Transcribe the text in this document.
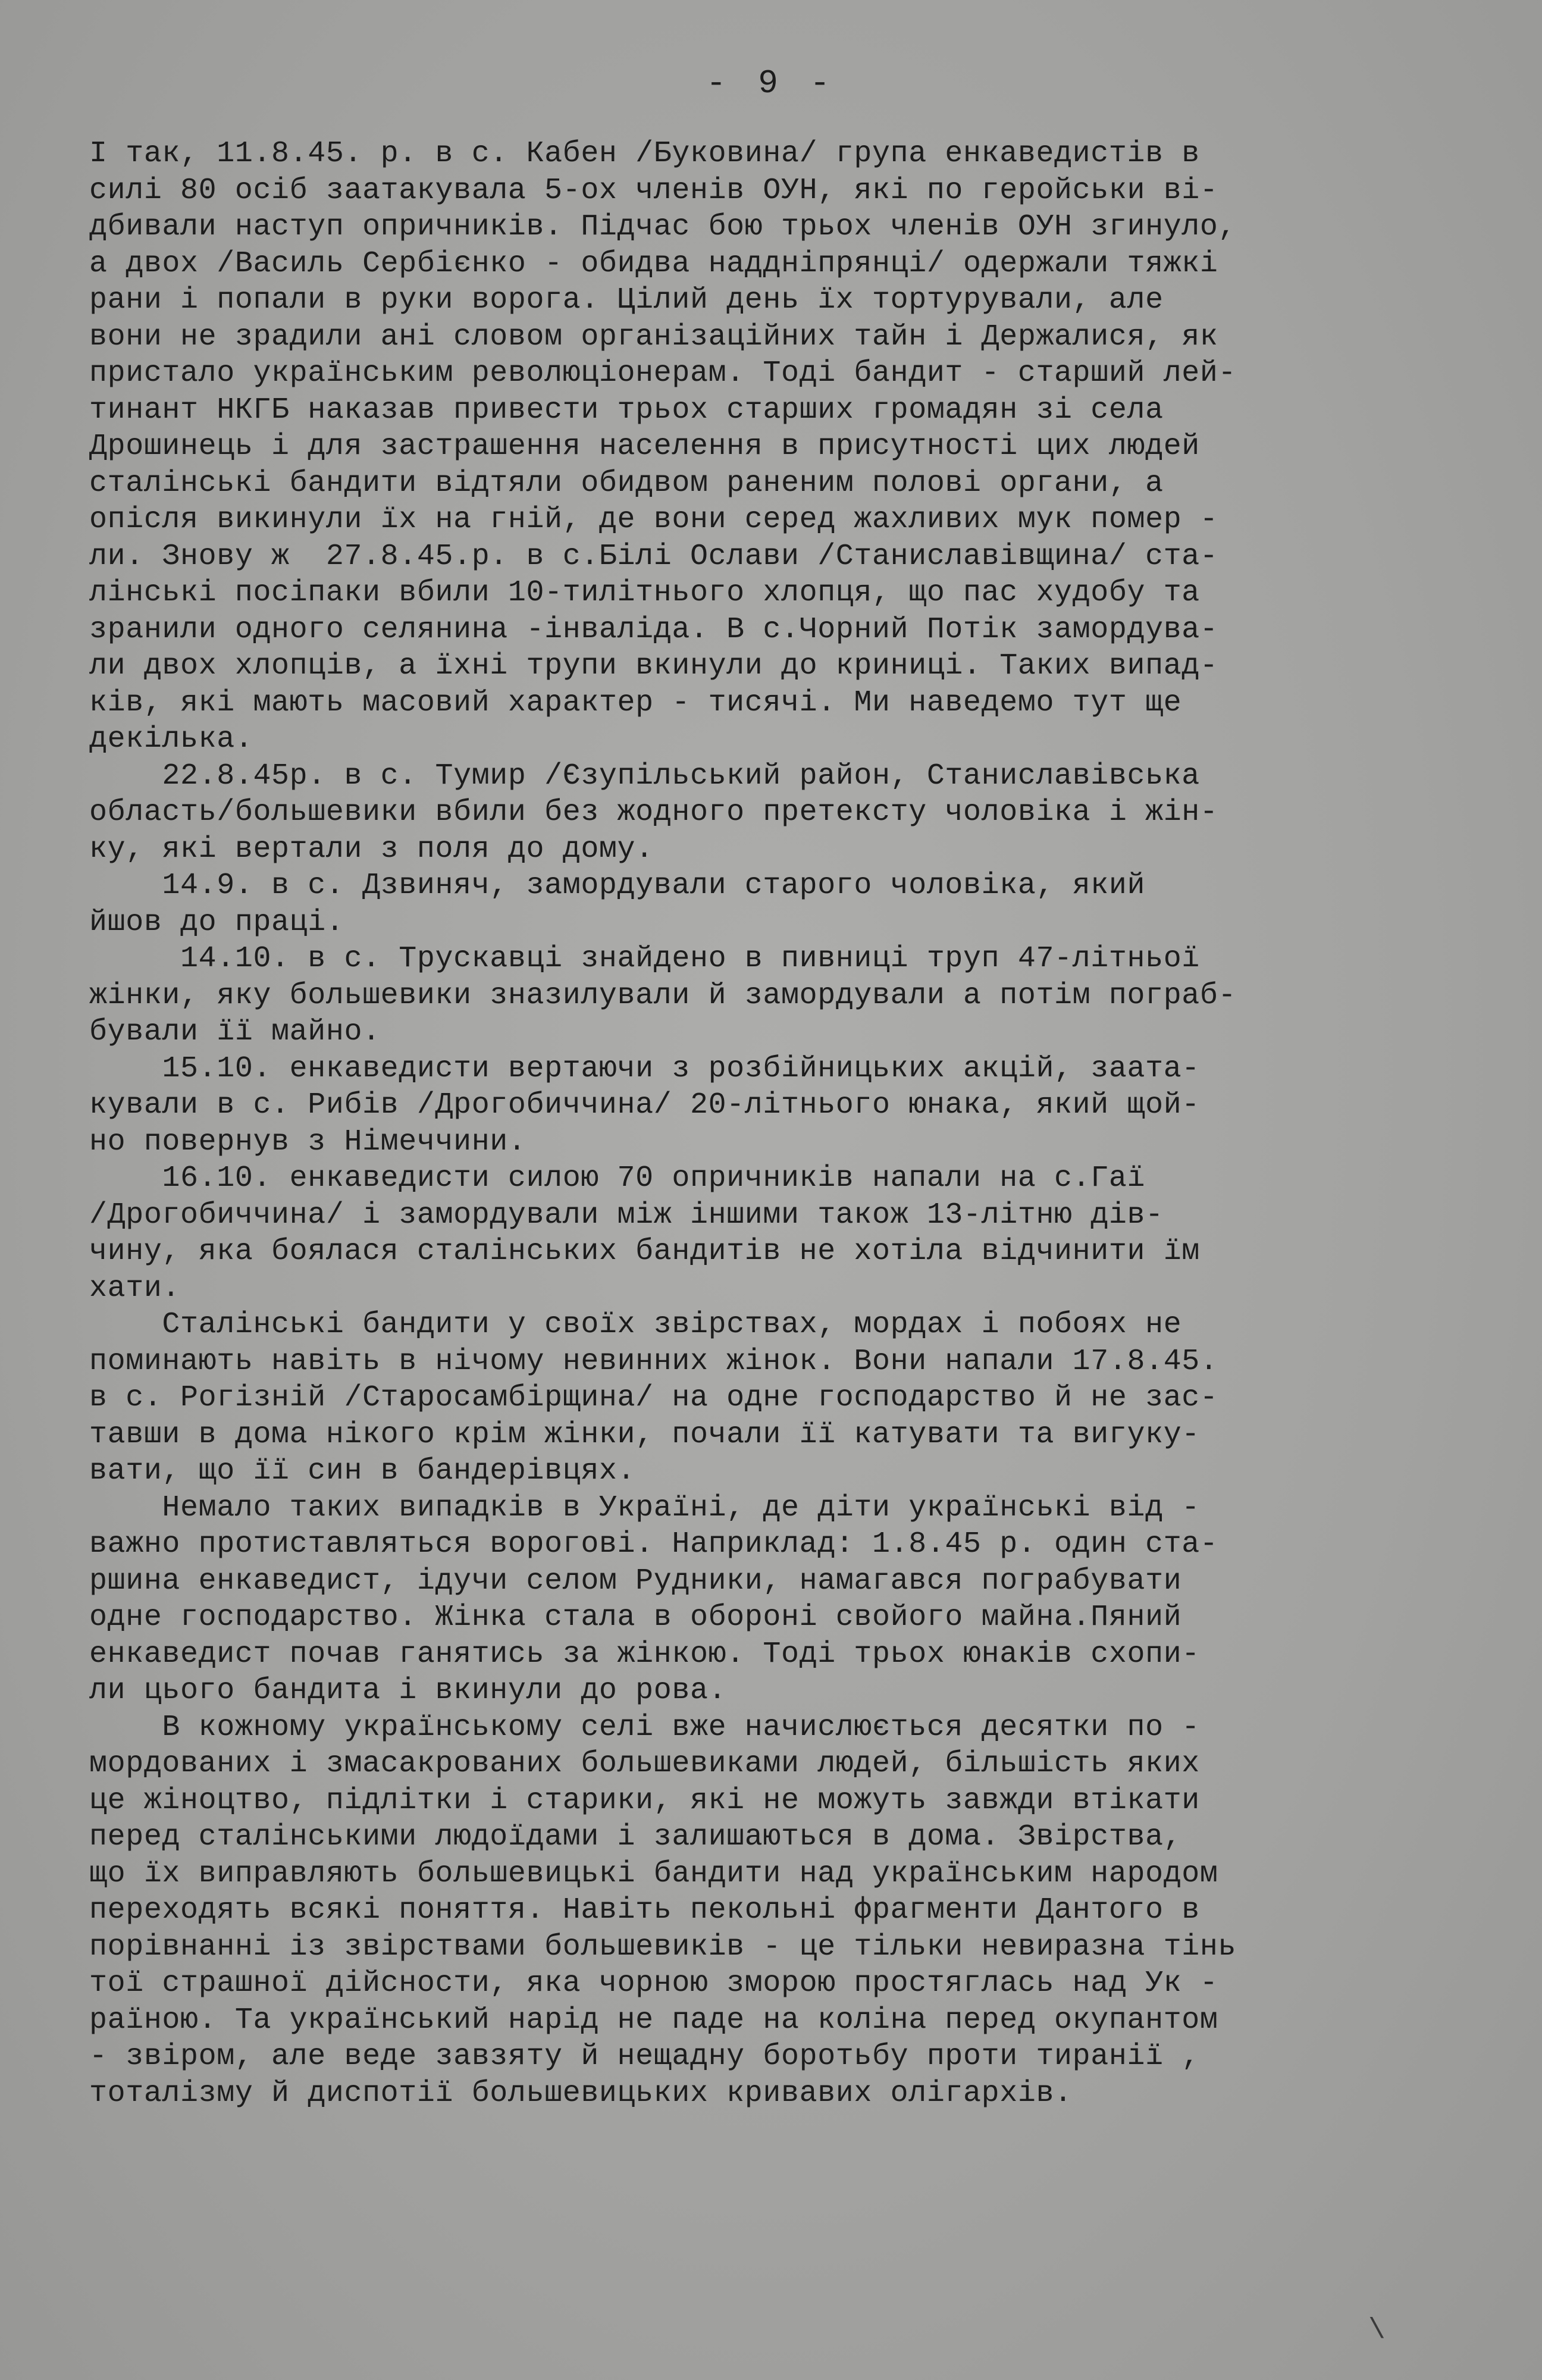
- 9 -
І так, 11.8.45. р. в с. Кабен /Буковина/ група енкаведистів в
силі 80 осіб заатакувала 5-ох членів ОУН, які по геройськи ві-
дбивали наступ опричників. Підчас бою трьох членів ОУН згинуло,
а двох /Василь Сербієнко - обидва наддніпрянці/ одержали тяжкі
рани і попали в руки ворога. Цілий день їх тортурували, але
вони не зрадили ані словом організаційних тайн і Держалися, як
пристало українським революціонерам. Тоді бандит - старший лей-
тинант НКГБ наказав привести трьох старших громадян зі села
Дрошинець і для застрашення населення в присутності цих людей
сталінські бандити відтяли обидвом раненим полові органи, а
опісля викинули їх на гній, де вони серед жахливих мук помер -
ли. Знову ж  27.8.45.р. в с.Білі Ослави /Станиславівщина/ ста-
лінські посіпаки вбили 10-тилітнього хлопця, що пас худобу та
зранили одного селянина -інваліда. В с.Чорний Потік замордува-
ли двох хлопців, а їхні трупи вкинули до криниці. Таких випад-
ків, які мають масовий характер - тисячі. Ми наведемо тут ще
декілька.
22.8.45р. в с. Тумир /Єзупільський район, Станиславівська
область/большевики вбили без жодного претексту чоловіка і жін-
ку, які вертали з поля до дому.
14.9. в с. Дзвиняч, замордували старого чоловіка, який
йшов до праці.
14.10. в с. Трускавці знайдено в пивниці труп 47-літньої
жінки, яку большевики зназилували й замордували а потім пограб-
бували її майно.
15.10. енкаведисти вертаючи з розбійницьких акцій, заата-
кували в с. Рибів /Дрогобиччина/ 20-літнього юнака, який щой-
но повернув з Німеччини.
16.10. енкаведисти силою 70 опричників напали на с.Гаї
/Дрогобиччина/ і замордували між іншими також 13-літню дів-
чину, яка боялася сталінських бандитів не хотіла відчинити їм
хати.
Сталінські бандити у своїх звірствах, мордах і побоях не
поминають навіть в нічому невинних жінок. Вони напали 17.8.45.
в с. Рогізній /Старосамбірщина/ на одне господарство й не зас-
тавши в дома нікого крім жінки, почали її катувати та вигуку-
вати, що її син в бандерівцях.
Немало таких випадків в Україні, де діти українські від -
важно протиставляться ворогові. Наприклад: 1.8.45 р. один ста-
ршина енкаведист, ідучи селом Рудники, намагався пограбувати
одне господарство. Жінка стала в обороні свойого майна.Пяний
енкаведист почав ганятись за жінкою. Тоді трьох юнаків схопи-
ли цього бандита і вкинули до рова.
В кожному українському селі вже начислюється десятки по -
мордованих і змасакрованих большевиками людей, більшість яких
це жіноцтво, підлітки і старики, які не можуть завжди втікати
перед сталінськими людоїдами і залишаються в дома. Звірства,
що їх виправляють большевицькі бандити над українським народом
переходять всякі поняття. Навіть пекольні фрагменти Дантого в
порівнанні із звірствами большевиків - це тільки невиразна тінь
тої страшної дійсности, яка чорною зморою простяглась над Ук -
раїною. Та український нарід не паде на коліна перед окупантом
- звіром, але веде завзяту й нещадну боротьбу проти тиранії ,
тоталізму й диспотії большевицьких кривавих олігархів.
\
